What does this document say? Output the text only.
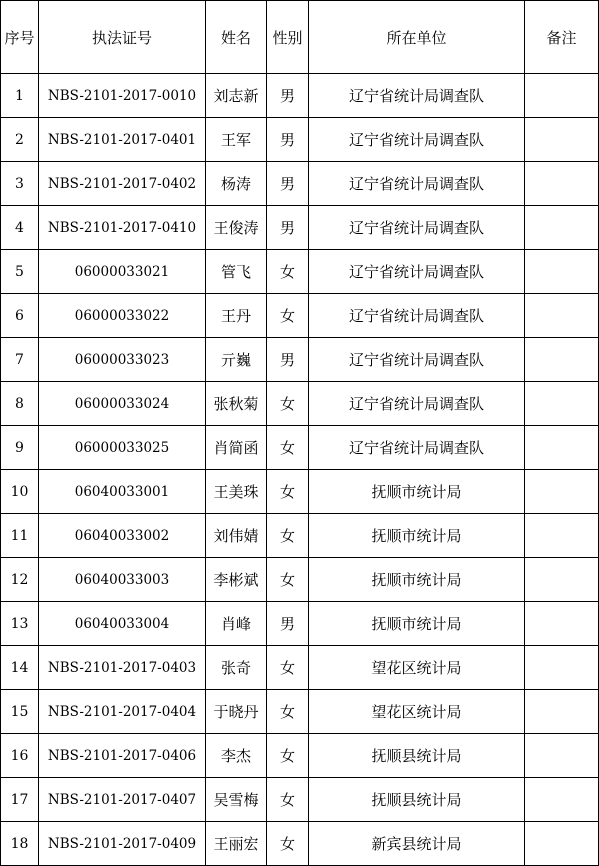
序号	执法证号	姓名	性别	所在单位	备注
1	NBS-2101-2017-0010	刘志新	男	辽宁省统计局调查队	
2	NBS-2101-2017-0401	王军	男	辽宁省统计局调查队	
3	NBS-2101-2017-0402	杨涛	男	辽宁省统计局调查队	
4	NBS-2101-2017-0410	王俊涛	男	辽宁省统计局调查队	
5	06000033021	管飞	女	辽宁省统计局调查队	
6	06000033022	王丹	女	辽宁省统计局调查队	
7	06000033023	亓巍	男	辽宁省统计局调查队	
8	06000033024	张秋菊	女	辽宁省统计局调查队	
9	06000033025	肖简函	女	辽宁省统计局调查队	
10	06040033001	王美珠	女	抚顺市统计局	
11	06040033002	刘伟婧	女	抚顺市统计局	
12	06040033003	李彬斌	女	抚顺市统计局	
13	06040033004	肖峰	男	抚顺市统计局	
14	NBS-2101-2017-0403	张奇	女	望花区统计局	
15	NBS-2101-2017-0404	于晓丹	女	望花区统计局	
16	NBS-2101-2017-0406	李杰	女	抚顺县统计局	
17	NBS-2101-2017-0407	吴雪梅	女	抚顺县统计局	
18	NBS-2101-2017-0409	王丽宏	女	新宾县统计局	
